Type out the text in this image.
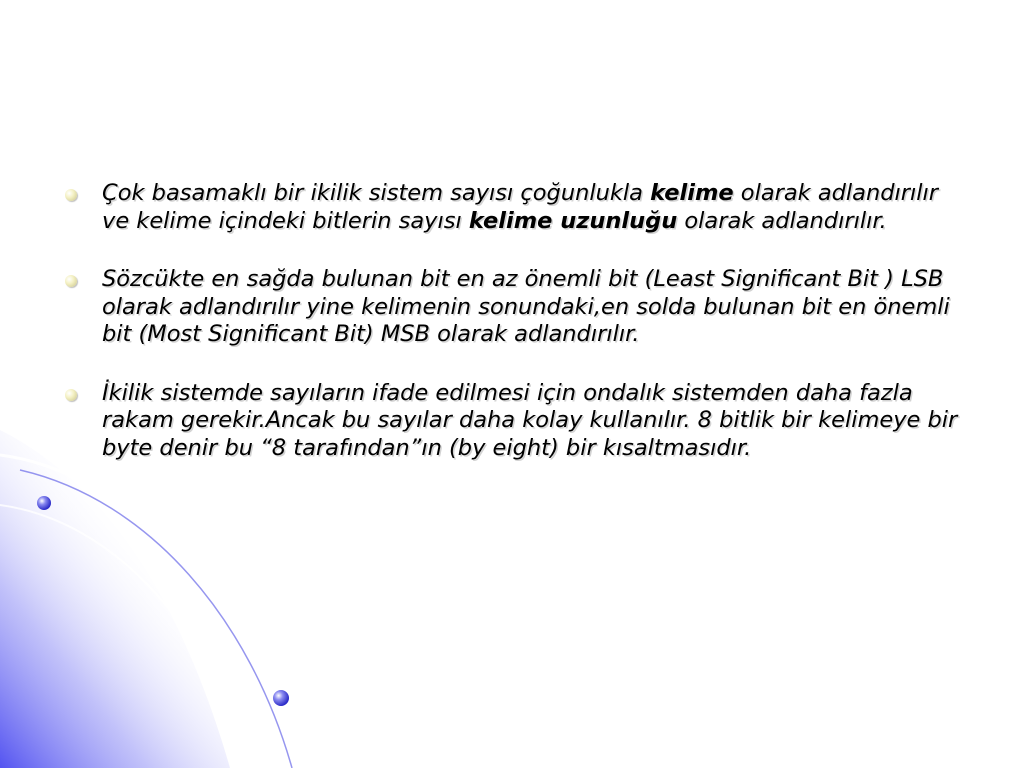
Çok basamaklı bir ikilik sistem sayısı çoğunlukla kelime olarak adlandırılır ve kelime içindeki bitlerin sayısı kelime uzunluğu olarak adlandırılır.
Sözcükte en sağda bulunan bit en az önemli bit (Least Significant Bit ) LSB olarak adlandırılır yine kelimenin sonundaki,en solda bulunan bit en önemli bit (Most Significant Bit) MSB olarak adlandırılır.
İkilik sistemde sayıların ifade edilmesi için ondalık sistemden daha fazla rakam gerekir.Ancak bu sayılar daha kolay kullanılır. 8 bitlik bir kelimeye bir byte denir bu “8 tarafından”ın (by eight) bir kısaltmasıdır.
